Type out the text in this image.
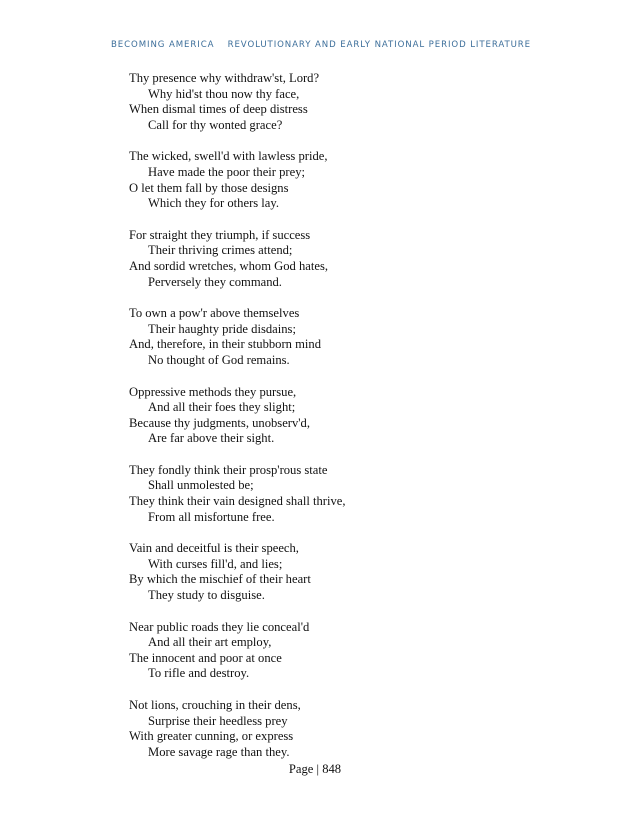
BECOMING AMERICA REVOLUTIONARY AND EARLY NATIONAL PERIOD LITERATURE
Thy presence why withdraw'st, Lord?
Why hid'st thou now thy face,
When dismal times of deep distress
Call for thy wonted grace?
The wicked, swell'd with lawless pride,
Have made the poor their prey;
O let them fall by those designs
Which they for others lay.
For straight they triumph, if success
Their thriving crimes attend;
And sordid wretches, whom God hates,
Perversely they command.
To own a pow'r above themselves
Their haughty pride disdains;
And, therefore, in their stubborn mind
No thought of God remains.
Oppressive methods they pursue,
And all their foes they slight;
Because thy judgments, unobserv'd,
Are far above their sight.
They fondly think their prosp'rous state
Shall unmolested be;
They think their vain designed shall thrive,
From all misfortune free.
Vain and deceitful is their speech,
With curses fill'd, and lies;
By which the mischief of their heart
They study to disguise.
Near public roads they lie conceal'd
And all their art employ,
The innocent and poor at once
To rifle and destroy.
Not lions, crouching in their dens,
Surprise their heedless prey
With greater cunning, or express
More savage rage than they.
Page | 848
